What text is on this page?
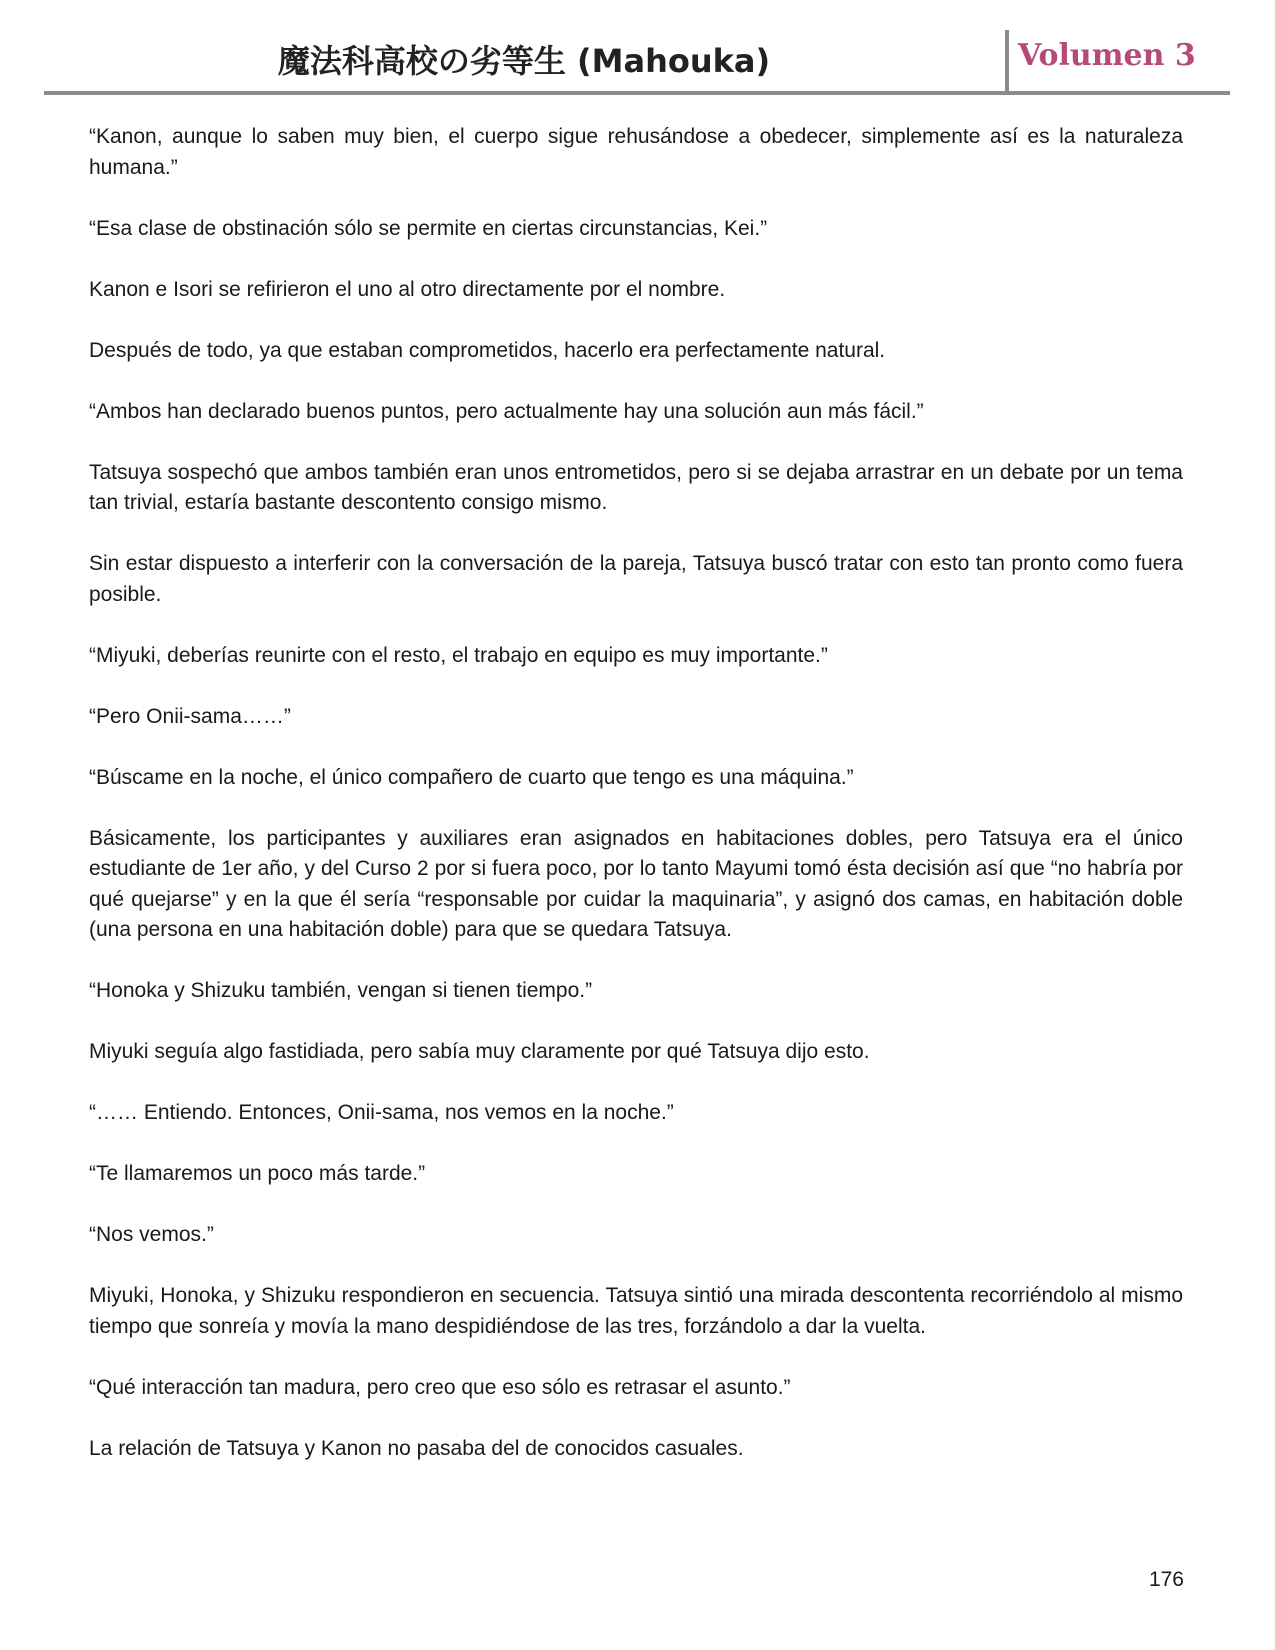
魔法科高校の劣等生 (Mahouka)	Volumen 3

“Kanon, aunque lo saben muy bien, el cuerpo sigue rehusándose a obedecer, simplemente así es la naturaleza humana.”

“Esa clase de obstinación sólo se permite en ciertas circunstancias, Kei.”

Kanon e Isori se refirieron el uno al otro directamente por el nombre.

Después de todo, ya que estaban comprometidos, hacerlo era perfectamente natural.

“Ambos han declarado buenos puntos, pero actualmente hay una solución aun más fácil.”

Tatsuya sospechó que ambos también eran unos entrometidos, pero si se dejaba arrastrar en un debate por un tema tan trivial, estaría bastante descontento consigo mismo.

Sin estar dispuesto a interferir con la conversación de la pareja, Tatsuya buscó tratar con esto tan pronto como fuera posible.

“Miyuki, deberías reunirte con el resto, el trabajo en equipo es muy importante.”

“Pero Onii-sama……”

“Búscame en la noche, el único compañero de cuarto que tengo es una máquina.”

Básicamente, los participantes y auxiliares eran asignados en habitaciones dobles, pero Tatsuya era el único estudiante de 1er año, y del Curso 2 por si fuera poco, por lo tanto Mayumi tomó ésta decisión así que “no habría por qué quejarse” y en la que él sería “responsable por cuidar la maquinaria”, y asignó dos camas, en habitación doble (una persona en una habitación doble) para que se quedara Tatsuya.

“Honoka y Shizuku también, vengan si tienen tiempo.”

Miyuki seguía algo fastidiada, pero sabía muy claramente por qué Tatsuya dijo esto.

“…… Entiendo. Entonces, Onii-sama, nos vemos en la noche.”

“Te llamaremos un poco más tarde.”

“Nos vemos.”

Miyuki, Honoka, y Shizuku respondieron en secuencia. Tatsuya sintió una mirada descontenta recorriéndolo al mismo tiempo que sonreía y movía la mano despidiéndose de las tres, forzándolo a dar la vuelta.

“Qué interacción tan madura, pero creo que eso sólo es retrasar el asunto.”

La relación de Tatsuya y Kanon no pasaba del de conocidos casuales.

176
